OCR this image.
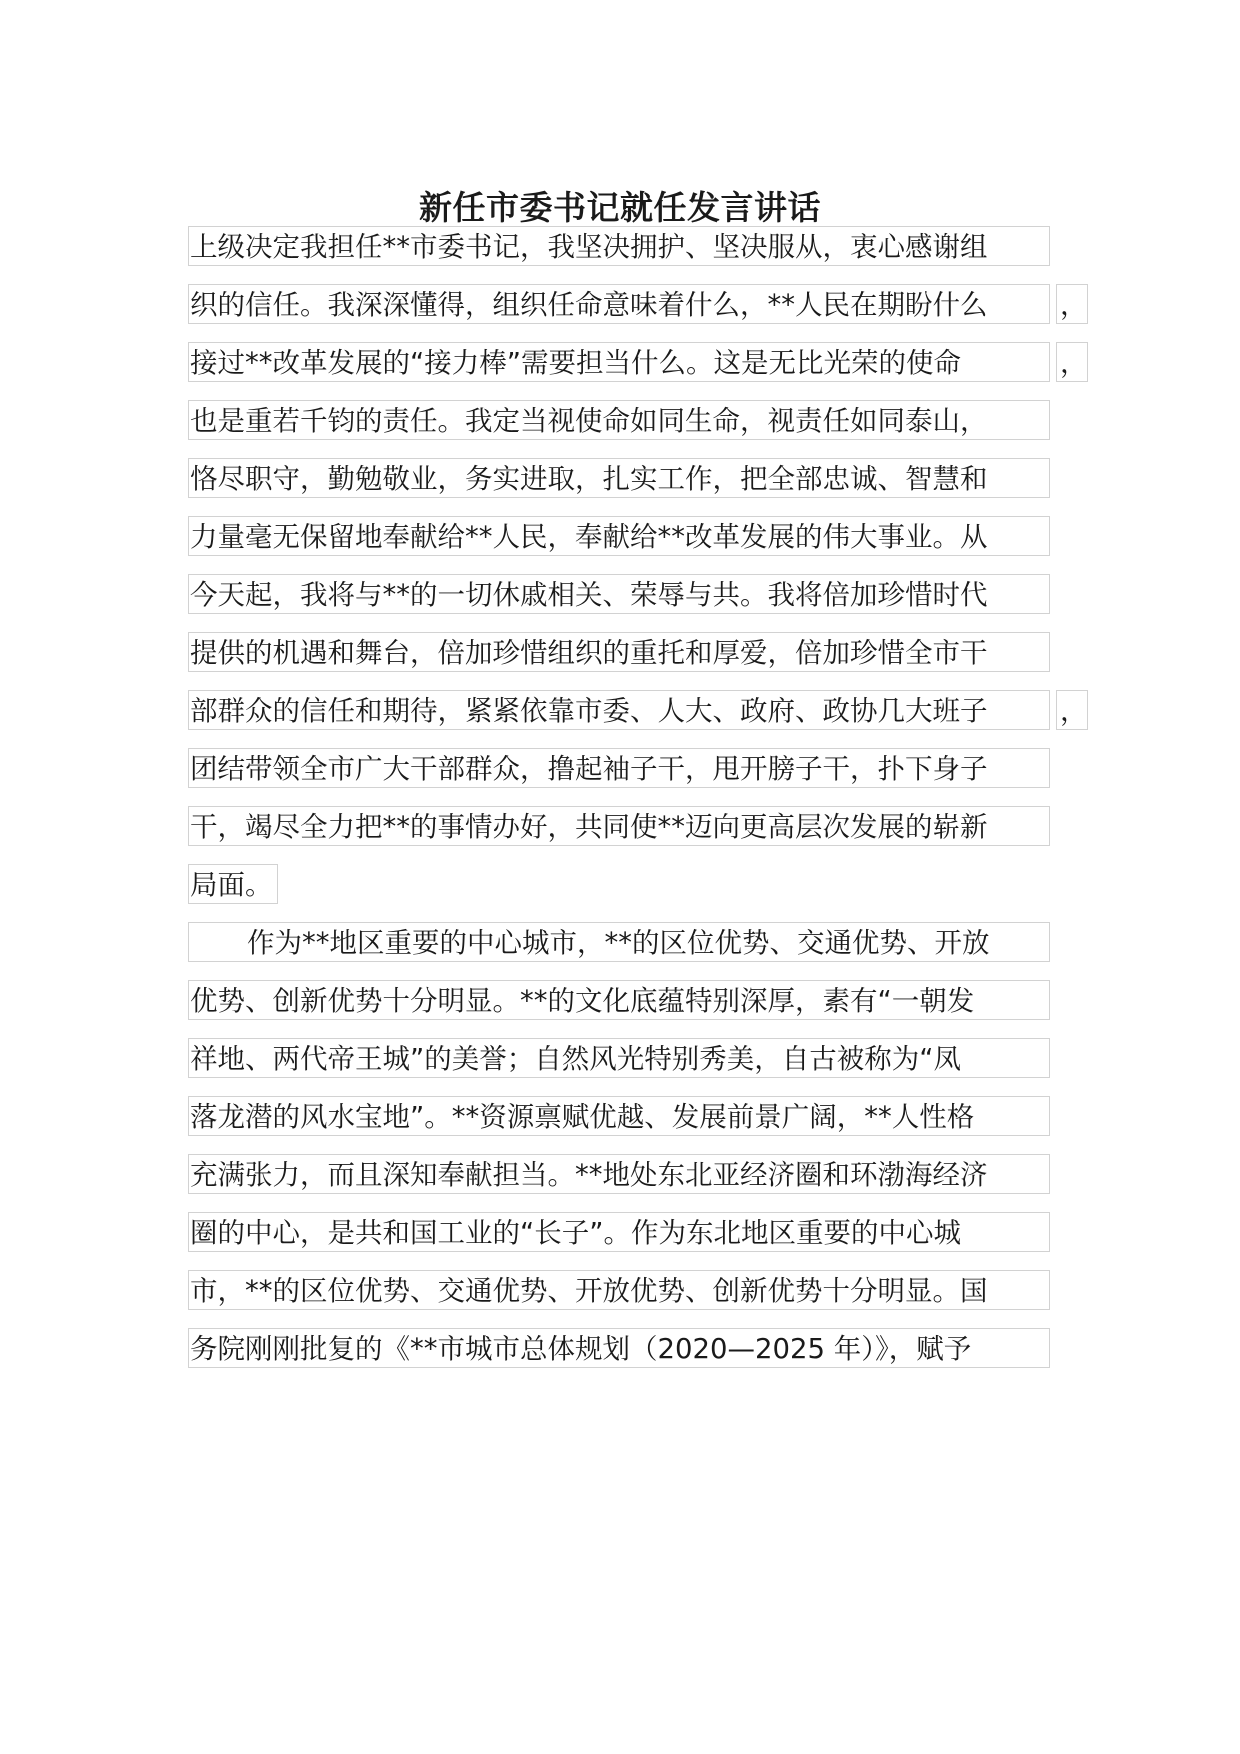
新任市委书记就任发言讲话
上级决定我担任**市委书记，我坚决拥护、坚决服从，衷心感谢组
织的信任。我深深懂得，组织任命意味着什么，**人民在期盼什么	，
接过**改革发展的“接力棒”需要担当什么。这是无比光荣的使命	，
也是重若千钧的责任。我定当视使命如同生命，视责任如同泰山，
恪尽职守，勤勉敬业，务实进取，扎实工作，把全部忠诚、智慧和
力量毫无保留地奉献给**人民，奉献给**改革发展的伟大事业。从
今天起，我将与**的一切休戚相关、荣辱与共。我将倍加珍惜时代
提供的机遇和舞台，倍加珍惜组织的重托和厚爱，倍加珍惜全市干
部群众的信任和期待，紧紧依靠市委、人大、政府、政协几大班子	，
团结带领全市广大干部群众，撸起袖子干，甩开膀子干，扑下身子
干，竭尽全力把**的事情办好，共同使**迈向更高层次发展的崭新
局面。
作为**地区重要的中心城市，**的区位优势、交通优势、开放
优势、创新优势十分明显。**的文化底蕴特别深厚，素有“一朝发
祥地、两代帝王城”的美誉；自然风光特别秀美，自古被称为“凤
落龙潜的风水宝地”。**资源禀赋优越、发展前景广阔，**人性格
充满张力，而且深知奉献担当。**地处东北亚经济圈和环渤海经济
圈的中心，是共和国工业的“长子”。作为东北地区重要的中心城
市，**的区位优势、交通优势、开放优势、创新优势十分明显。国
务院刚刚批复的《**市城市总体规划（2020—2025 年）》，赋予
